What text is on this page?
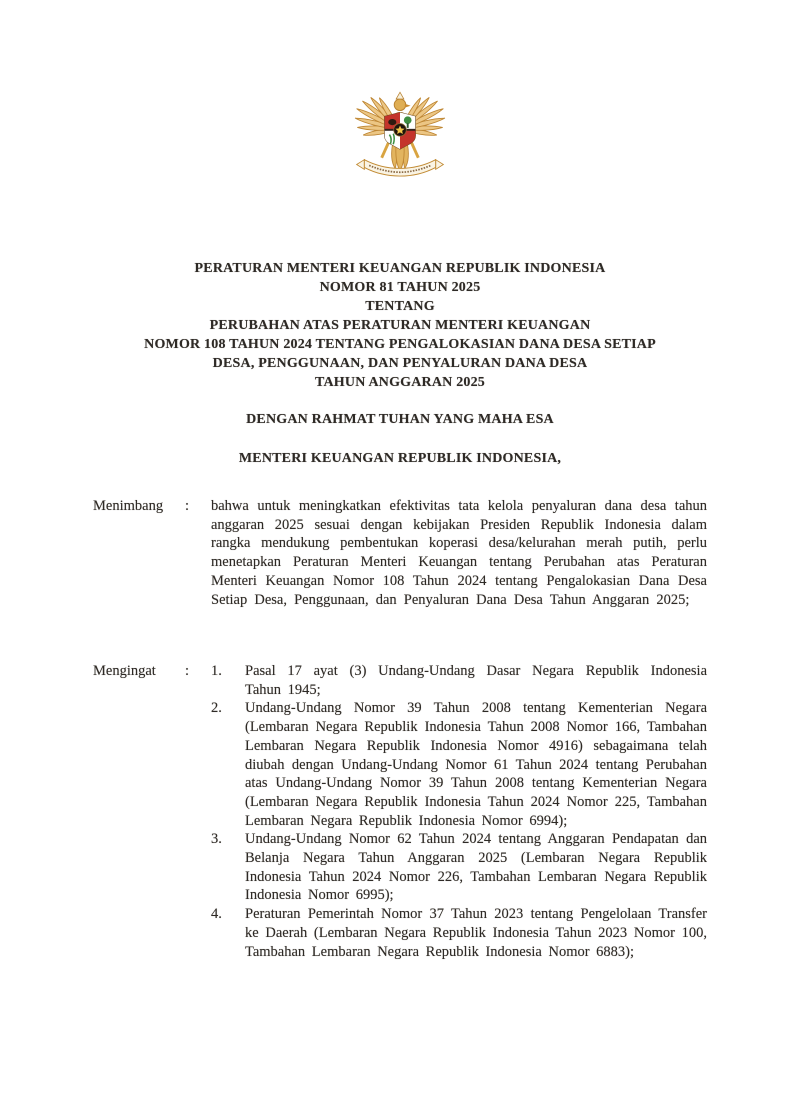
PERATURAN MENTERI KEUANGAN REPUBLIK INDONESIA
NOMOR 81 TAHUN 2025
TENTANG
PERUBAHAN ATAS PERATURAN MENTERI KEUANGAN
NOMOR 108 TAHUN 2024 TENTANG PENGALOKASIAN DANA DESA SETIAP
DESA, PENGGUNAAN, DAN PENYALURAN DANA DESA
TAHUN ANGGARAN 2025
DENGAN RAHMAT TUHAN YANG MAHA ESA
MENTERI KEUANGAN REPUBLIK INDONESIA,
Menimbang	:	bahwa untuk meningkatkan efektivitas tata kelola penyaluran dana desa tahun anggaran 2025 sesuai dengan kebijakan Presiden Republik Indonesia dalam rangka mendukung pembentukan koperasi desa/kelurahan merah putih, perlu menetapkan Peraturan Menteri Keuangan tentang Perubahan atas Peraturan Menteri Keuangan Nomor 108 Tahun 2024 tentang Pengalokasian Dana Desa Setiap Desa, Penggunaan, dan Penyaluran Dana Desa Tahun Anggaran 2025;
Mengingat	:	1.	Pasal 17 ayat (3) Undang-Undang Dasar Negara Republik Indonesia Tahun 1945;
2.	Undang-Undang Nomor 39 Tahun 2008 tentang Kementerian Negara (Lembaran Negara Republik Indonesia Tahun 2008 Nomor 166, Tambahan Lembaran Negara Republik Indonesia Nomor 4916) sebagaimana telah diubah dengan Undang-Undang Nomor 61 Tahun 2024 tentang Perubahan atas Undang-Undang Nomor 39 Tahun 2008 tentang Kementerian Negara (Lembaran Negara Republik Indonesia Tahun 2024 Nomor 225, Tambahan Lembaran Negara Republik Indonesia Nomor 6994);
3.	Undang-Undang Nomor 62 Tahun 2024 tentang Anggaran Pendapatan dan Belanja Negara Tahun Anggaran 2025 (Lembaran Negara Republik Indonesia Tahun 2024 Nomor 226, Tambahan Lembaran Negara Republik Indonesia Nomor 6995);
4.	Peraturan Pemerintah Nomor 37 Tahun 2023 tentang Pengelolaan Transfer ke Daerah (Lembaran Negara Republik Indonesia Tahun 2023 Nomor 100, Tambahan Lembaran Negara Republik Indonesia Nomor 6883);
